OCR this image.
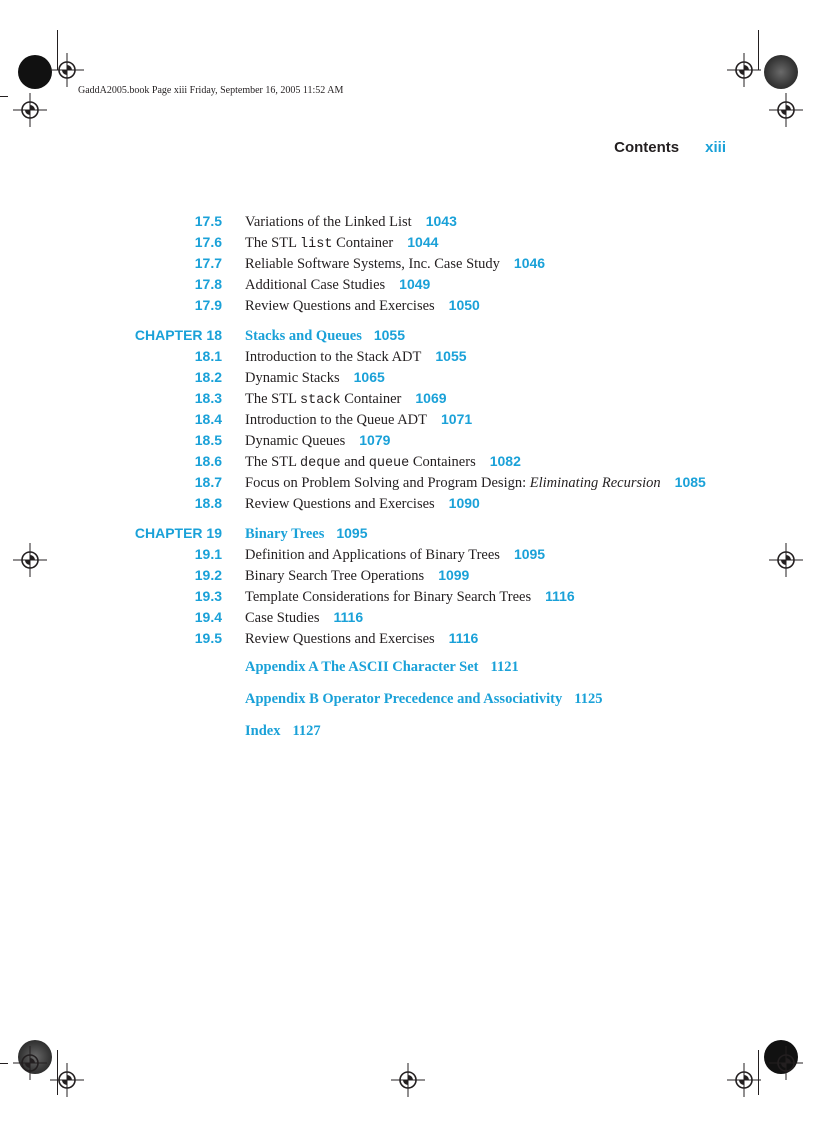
GaddA2005.book Page xiii Friday, September 16, 2005 11:52 AM
Contents xiii
17.5 Variations of the Linked List 1043
17.6 The STL list Container 1044
17.7 Reliable Software Systems, Inc. Case Study 1046
17.8 Additional Case Studies 1049
17.9 Review Questions and Exercises 1050
CHAPTER 18 Stacks and Queues 1055
18.1 Introduction to the Stack ADT 1055
18.2 Dynamic Stacks 1065
18.3 The STL stack Container 1069
18.4 Introduction to the Queue ADT 1071
18.5 Dynamic Queues 1079
18.6 The STL deque and queue Containers 1082
18.7 Focus on Problem Solving and Program Design: Eliminating Recursion 1085
18.8 Review Questions and Exercises 1090
CHAPTER 19 Binary Trees 1095
19.1 Definition and Applications of Binary Trees 1095
19.2 Binary Search Tree Operations 1099
19.3 Template Considerations for Binary Search Trees 1116
19.4 Case Studies 1116
19.5 Review Questions and Exercises 1116
Appendix A The ASCII Character Set 1121
Appendix B Operator Precedence and Associativity 1125
Index 1127
